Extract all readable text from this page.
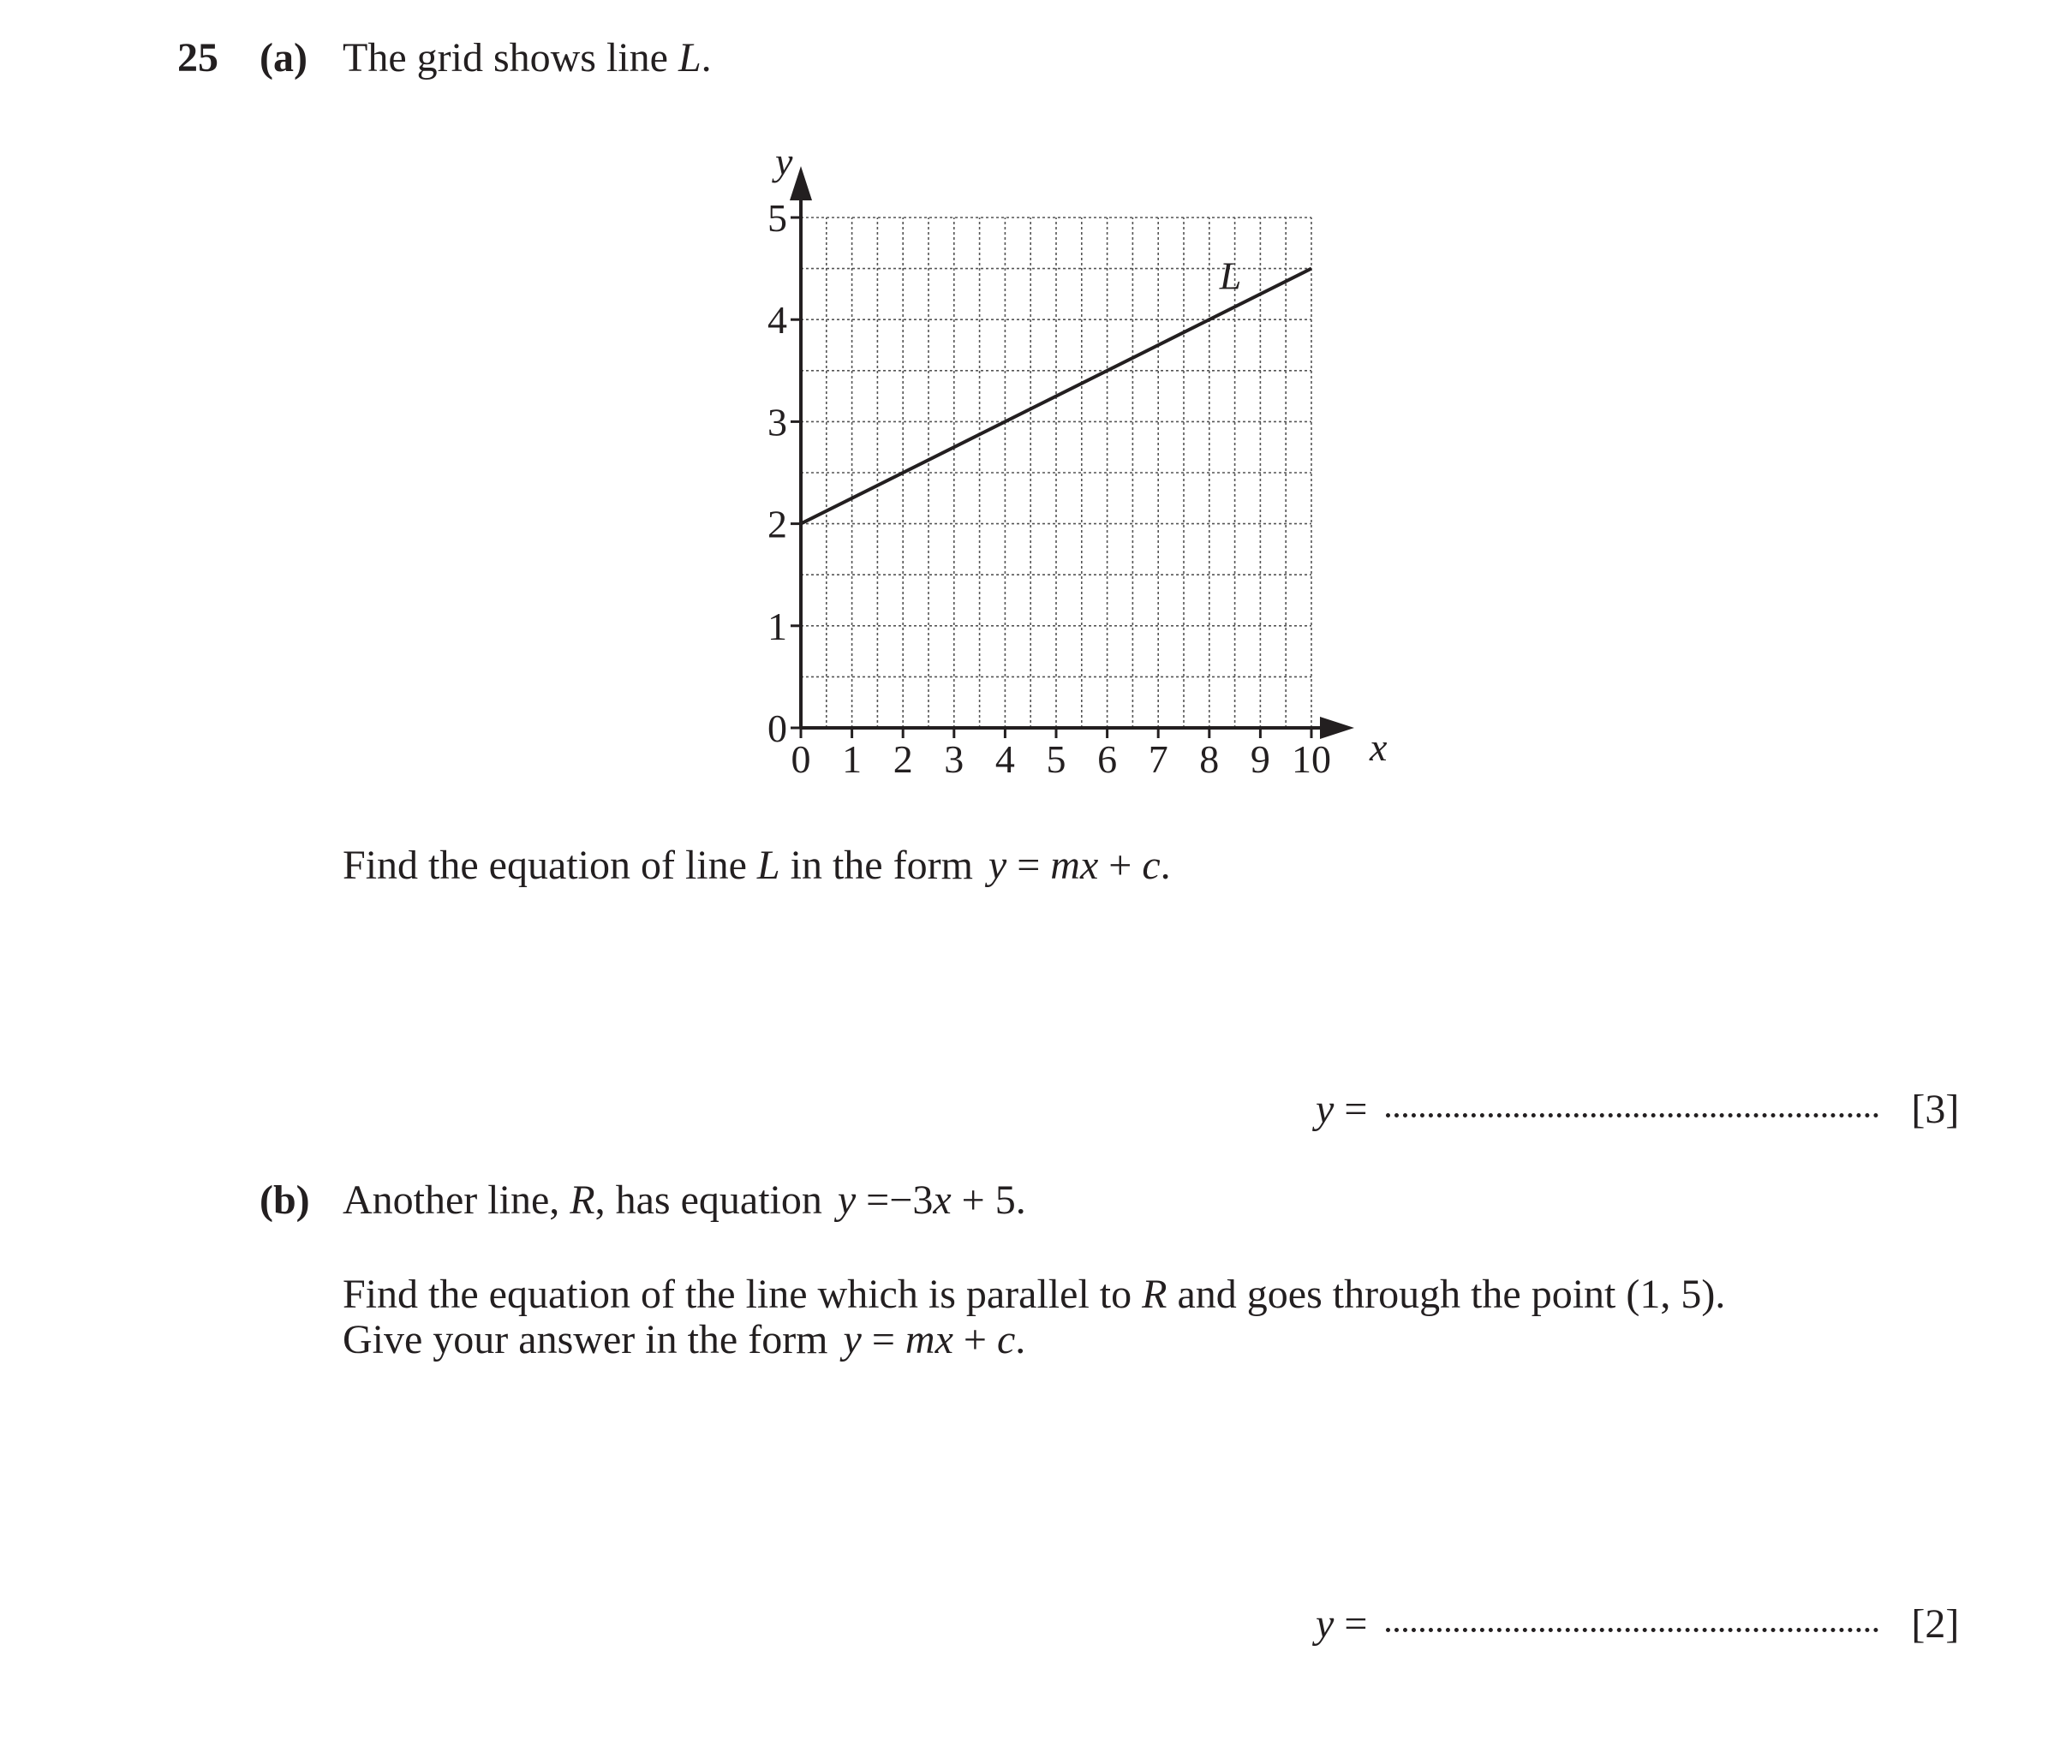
25 (a) The grid shows line L.
x
y
0 1 2 3 4 5 6 7 8 9 10
0
1
2
3
4
5
L
Find the equation of line L in the form y = mx + c.
y =	[3]
(b) Another line, R, has equation y =−3x + 5.
Find the equation of the line which is parallel to R and goes through the point (1, 5).
Give your answer in the form y = mx + c.
y =	[2]
